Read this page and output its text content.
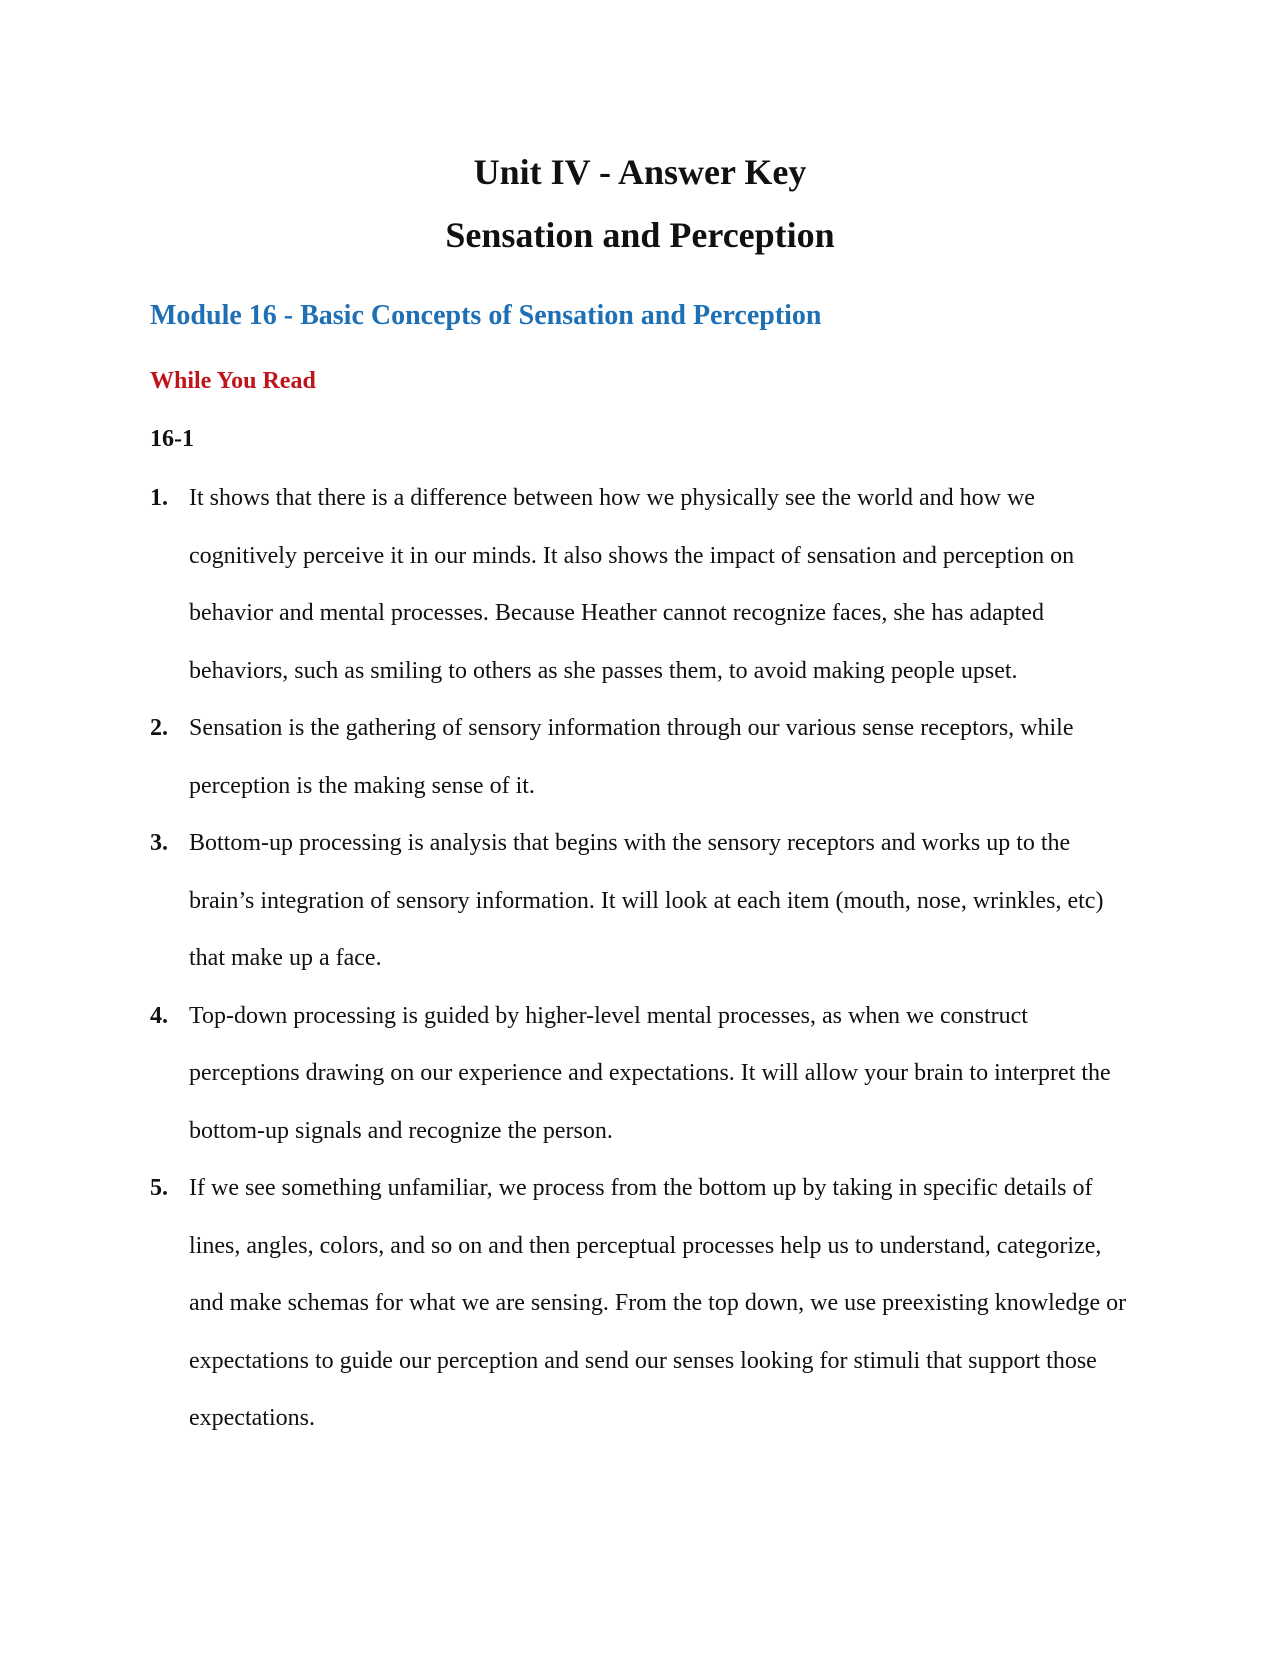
Unit IV - Answer Key
Sensation and Perception
Module 16 - Basic Concepts of Sensation and Perception
While You Read
16-1
1. It shows that there is a difference between how we physically see the world and how we cognitively perceive it in our minds. It also shows the impact of sensation and perception on behavior and mental processes. Because Heather cannot recognize faces, she has adapted behaviors, such as smiling to others as she passes them, to avoid making people upset.
2. Sensation is the gathering of sensory information through our various sense receptors, while perception is the making sense of it.
3. Bottom-up processing is analysis that begins with the sensory receptors and works up to the brain’s integration of sensory information. It will look at each item (mouth, nose, wrinkles, etc) that make up a face.
4. Top-down processing is guided by higher-level mental processes, as when we construct perceptions drawing on our experience and expectations. It will allow your brain to interpret the bottom-up signals and recognize the person.
5. If we see something unfamiliar, we process from the bottom up by taking in specific details of lines, angles, colors, and so on and then perceptual processes help us to understand, categorize, and make schemas for what we are sensing. From the top down, we use preexisting knowledge or expectations to guide our perception and send our senses looking for stimuli that support those expectations.
